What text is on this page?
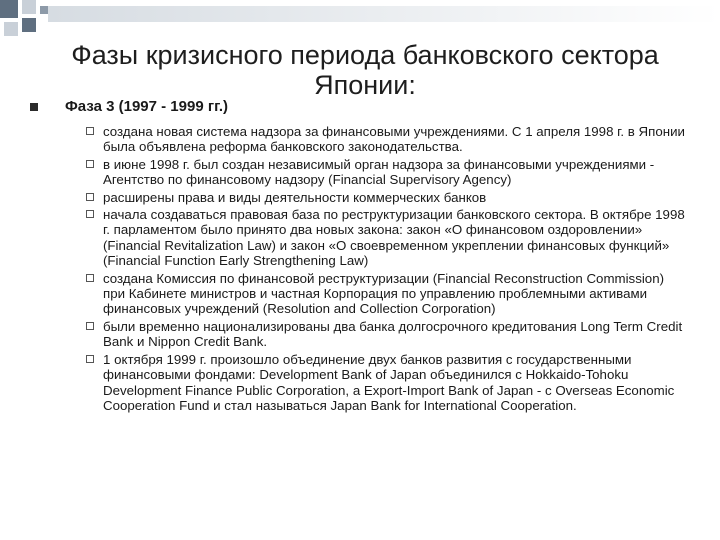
Фазы кризисного периода банковского сектора Японии:
Фаза 3 (1997 - 1999 гг.)
создана новая система надзора за финансовыми учреждениями. С 1 апреля 1998 г. в Японии была объявлена реформа банковского законодательства.
в июне 1998 г. был создан независимый орган надзора за финансовыми учреждениями - Агентство по финансовому надзору (Financial Supervisory Agency)
расширены права и виды деятельности коммерческих банков
начала создаваться правовая база по реструктуризации банковского сектора. В октябре 1998 г. парламентом было принято два новых закона: закон «О финансовом оздоровлении» (Financial Revitalization Law) и закон «О своевременном укреплении финансовых функций» (Financial Function Early Strengthening Law)
создана Комиссия по финансовой реструктуризации (Financial Reconstruction Commission) при Кабинете министров и частная Корпорация по управлению проблемными активами финансовых учреждений (Resolution and Collection Corporation)
были временно национализированы два банка долгосрочного кредитования Long Term Credit Bank и Nippon Credit Bank.
1 октября 1999 г. произошло объединение двух банков развития с государственными финансовыми фондами: Development Bank of Japan объединился с Hokkaido-Tohoku Development Finance Public Corporation, а Export-Import Bank of Japan - с Overseas Economic Cooperation Fund и стал называться Japan Bank for International Cooperation.
